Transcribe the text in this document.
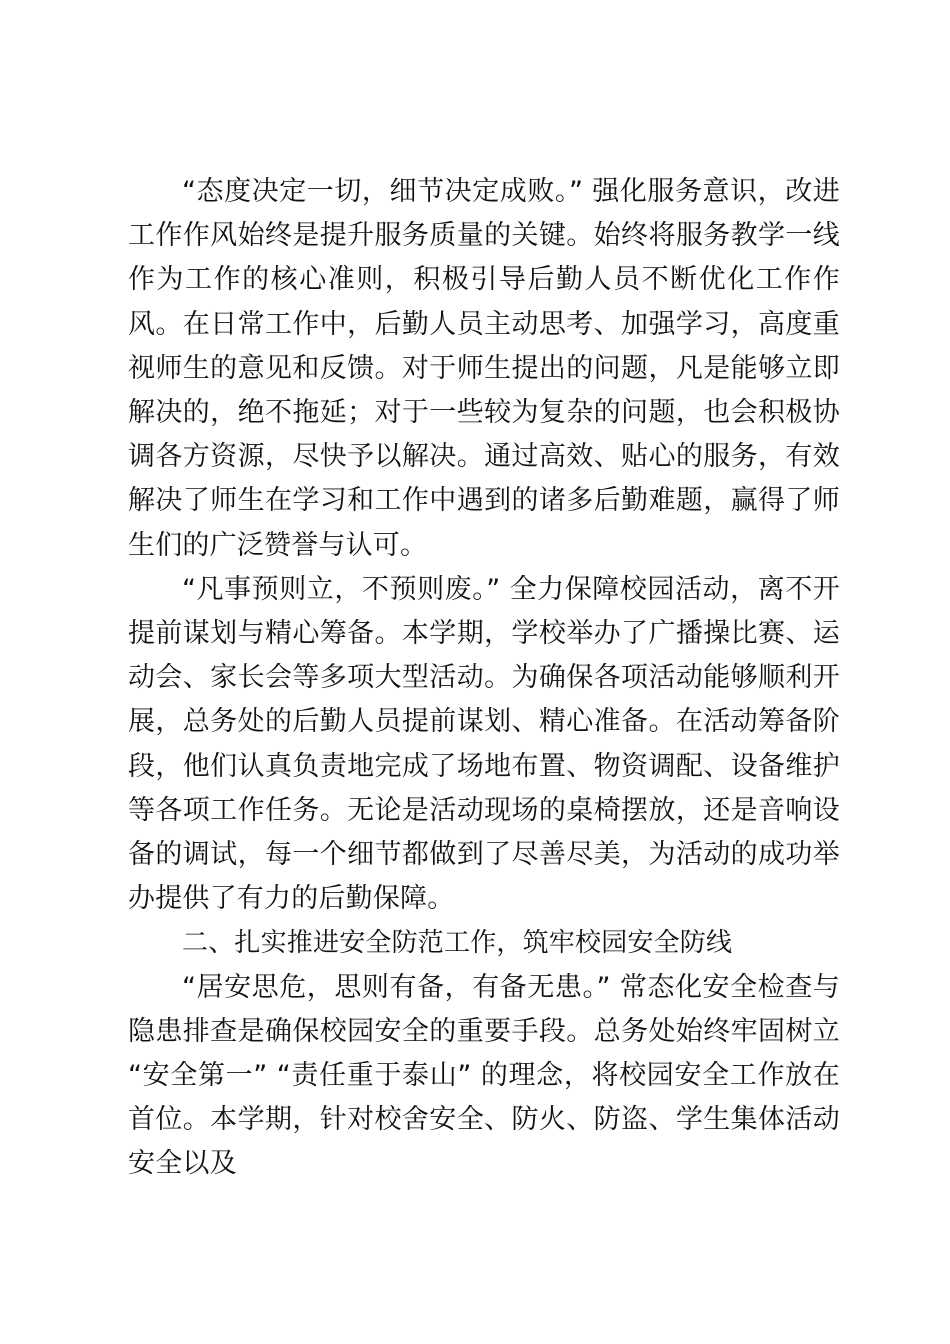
“态度决定一切，细节决定成败。” 强化服务意识，改进工作作风始终是提升服务质量的关键。始终将服务教学一线作为工作的核心准则，积极引导后勤人员不断优化工作作风。在日常工作中，后勤人员主动思考、加强学习，高度重视师生的意见和反馈。对于师生提出的问题，凡是能够立即解决的，绝不拖延；对于一些较为复杂的问题，也会积极协调各方资源，尽快予以解决。通过高效、贴心的服务，有效解决了师生在学习和工作中遇到的诸多后勤难题，赢得了师生们的广泛赞誉与认可。

“凡事预则立，不预则废。” 全力保障校园活动，离不开提前谋划与精心筹备。本学期，学校举办了广播操比赛、运动会、家长会等多项大型活动。为确保各项活动能够顺利开展，总务处的后勤人员提前谋划、精心准备。在活动筹备阶段，他们认真负责地完成了场地布置、物资调配、设备维护等各项工作任务。无论是活动现场的桌椅摆放，还是音响设备的调试，每一个细节都做到了尽善尽美，为活动的成功举办提供了有力的后勤保障。

二、扎实推进安全防范工作，筑牢校园安全防线

“居安思危，思则有备，有备无患。” 常态化安全检查与隐患排查是确保校园安全的重要手段。总务处始终牢固树立 “安全第一” “责任重于泰山” 的理念，将校园安全工作放在首位。本学期，针对校舍安全、防火、防盗、学生集体活动安全以及
